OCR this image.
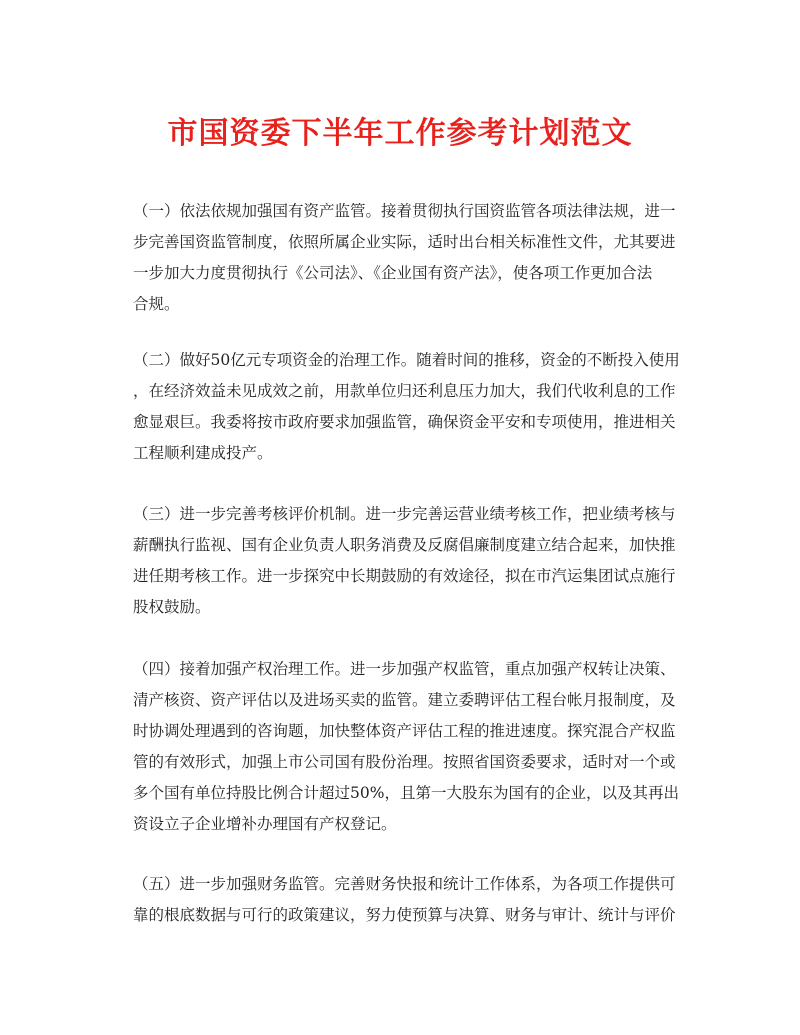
市国资委下半年工作参考计划范文
（一）依法依规加强国有资产监管。接着贯彻执行国资监管各项法律法规，进一
步完善国资监管制度，依照所属企业实际，适时出台相关标准性文件，尤其要进
一步加大力度贯彻执行《公司法》、《企业国有资产法》，使各项工作更加合法
合规。
（二）做好50亿元专项资金的治理工作。随着时间的推移，资金的不断投入使用
，在经济效益未见成效之前，用款单位归还利息压力加大，我们代收利息的工作
愈显艰巨。我委将按市政府要求加强监管，确保资金平安和专项使用，推进相关
工程顺利建成投产。
（三）进一步完善考核评价机制。进一步完善运营业绩考核工作，把业绩考核与
薪酬执行监视、国有企业负责人职务消费及反腐倡廉制度建立结合起来，加快推
进任期考核工作。进一步探究中长期鼓励的有效途径，拟在市汽运集团试点施行
股权鼓励。
（四）接着加强产权治理工作。进一步加强产权监管，重点加强产权转让决策、
清产核资、资产评估以及进场买卖的监管。建立委聘评估工程台帐月报制度，及
时协调处理遇到的咨询题，加快整体资产评估工程的推进速度。探究混合产权监
管的有效形式，加强上市公司国有股份治理。按照省国资委要求，适时对一个或
多个国有单位持股比例合计超过50%，且第一大股东为国有的企业，以及其再出
资设立子企业增补办理国有产权登记。
（五）进一步加强财务监管。完善财务快报和统计工作体系，为各项工作提供可
靠的根底数据与可行的政策建议，努力使预算与决算、财务与审计、统计与评价
